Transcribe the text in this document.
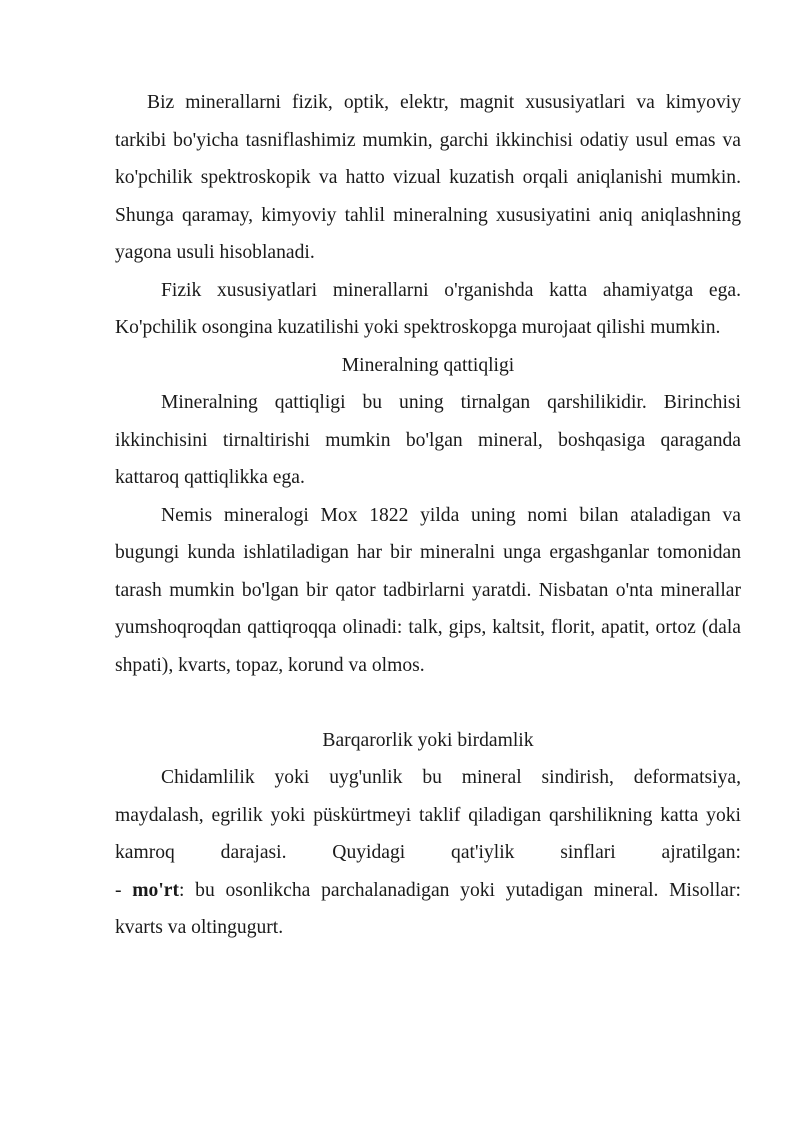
Biz minerallarni fizik, optik, elektr, magnit xususiyatlari va kimyoviy tarkibi bo'yicha tasniflashimiz mumkin, garchi ikkinchisi odatiy usul emas va ko'pchilik spektroskopik va hatto vizual kuzatish orqali aniqlanishi mumkin. Shunga qaramay, kimyoviy tahlil mineralning xususiyatini aniq aniqlashning yagona usuli hisoblanadi.

Fizik xususiyatlari minerallarni o'rganishda katta ahamiyatga ega. Ko'pchilik osongina kuzatilishi yoki spektroskopga murojaat qilishi mumkin.

Mineralning qattiqligi

Mineralning qattiqligi bu uning tirnalgan qarshilikidir. Birinchisi ikkinchisini tirnaltirishi mumkin bo'lgan mineral, boshqasiga qaraganda kattaroq qattiqlikka ega.

Nemis mineralogi Mox 1822 yilda uning nomi bilan ataladigan va bugungi kunda ishlatiladigan har bir mineralni unga ergashganlar tomonidan tarash mumkin bo'lgan bir qator tadbirlarni yaratdi. Nisbatan o'nta minerallar yumshoqroqdan qattiqroqqa olinadi: talk, gips, kaltsit, florit, apatit, ortoz (dala shpati), kvarts, topaz, korund va olmos.

Barqarorlik yoki birdamlik

Chidamlilik yoki uyg'unlik bu mineral sindirish, deformatsiya, maydalash, egrilik yoki püskürtmeyi taklif qiladigan qarshilikning katta yoki kamroq darajasi. Quyidagi qat'iylik sinflari ajratilgan:

- mo'rt: bu osonlikcha parchalanadigan yoki yutadigan mineral. Misollar: kvarts va oltingugurt.
